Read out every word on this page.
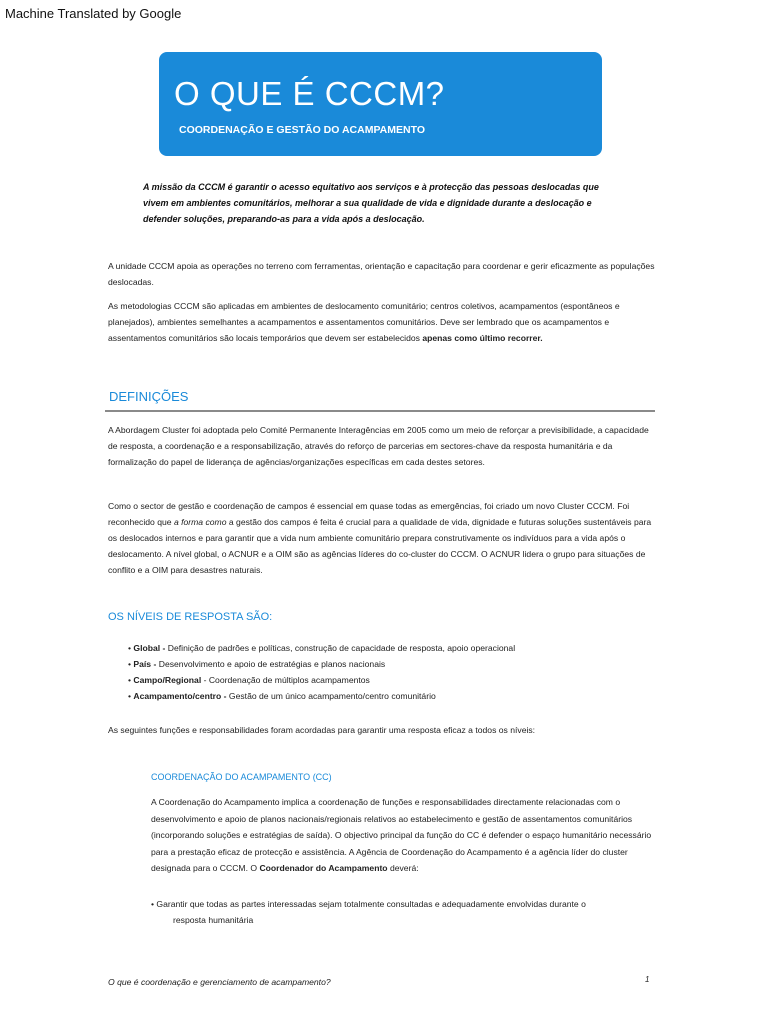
Machine Translated by Google
O QUE É CCCM?
COORDENAÇÃO E GESTÃO DO ACAMPAMENTO
A missão da CCCM é garantir o acesso equitativo aos serviços e à protecção das pessoas deslocadas que vivem em ambientes comunitários, melhorar a sua qualidade de vida e dignidade durante a deslocação e defender soluções, preparando-as para a vida após a deslocação.
A unidade CCCM apoia as operações no terreno com ferramentas, orientação e capacitação para coordenar e gerir eficazmente as populações deslocadas.
As metodologias CCCM são aplicadas em ambientes de deslocamento comunitário; centros coletivos, acampamentos (espontâneos e planejados), ambientes semelhantes a acampamentos e assentamentos comunitários. Deve ser lembrado que os acampamentos e assentamentos comunitários são locais temporários que devem ser estabelecidos apenas como último recorrer.
DEFINIÇÕES
A Abordagem Cluster foi adoptada pelo Comité Permanente Interagências em 2005 como um meio de reforçar a previsibilidade, a capacidade de resposta, a coordenação e a responsabilização, através do reforço de parcerias em sectores-chave da resposta humanitária e da formalização do papel de liderança de agências/organizações específicas em cada destes setores.
Como o sector de gestão e coordenação de campos é essencial em quase todas as emergências, foi criado um novo Cluster CCCM. Foi reconhecido que a forma como a gestão dos campos é feita é crucial para a qualidade de vida, dignidade e futuras soluções sustentáveis para os deslocados internos e para garantir que a vida num ambiente comunitário prepara construtivamente os indivíduos para a vida após o deslocamento. A nível global, o ACNUR e a OIM são as agências líderes do co-cluster do CCCM. O ACNUR lidera o grupo para situações de conflito e a OIM para desastres naturais.
OS NÍVEIS DE RESPOSTA SÃO:
• Global - Definição de padrões e políticas, construção de capacidade de resposta, apoio operacional
• País - Desenvolvimento e apoio de estratégias e planos nacionais
• Campo/Regional - Coordenação de múltiplos acampamentos
• Acampamento/centro - Gestão de um único acampamento/centro comunitário
As seguintes funções e responsabilidades foram acordadas para garantir uma resposta eficaz a todos os níveis:
COORDENAÇÃO DO ACAMPAMENTO (CC)
A Coordenação do Acampamento implica a coordenação de funções e responsabilidades directamente relacionadas com o desenvolvimento e apoio de planos nacionais/regionais relativos ao estabelecimento e gestão de assentamentos comunitários (incorporando soluções e estratégias de saída). O objectivo principal da função do CC é defender o espaço humanitário necessário para a prestação eficaz de protecção e assistência. A Agência de Coordenação do Acampamento é a agência líder do cluster designada para o CCCM. O Coordenador do Acampamento deverá:
• Garantir que todas as partes interessadas sejam totalmente consultadas e adequadamente envolvidas durante o
resposta humanitária
O que é coordenação e gerenciamento de acampamento?	1
